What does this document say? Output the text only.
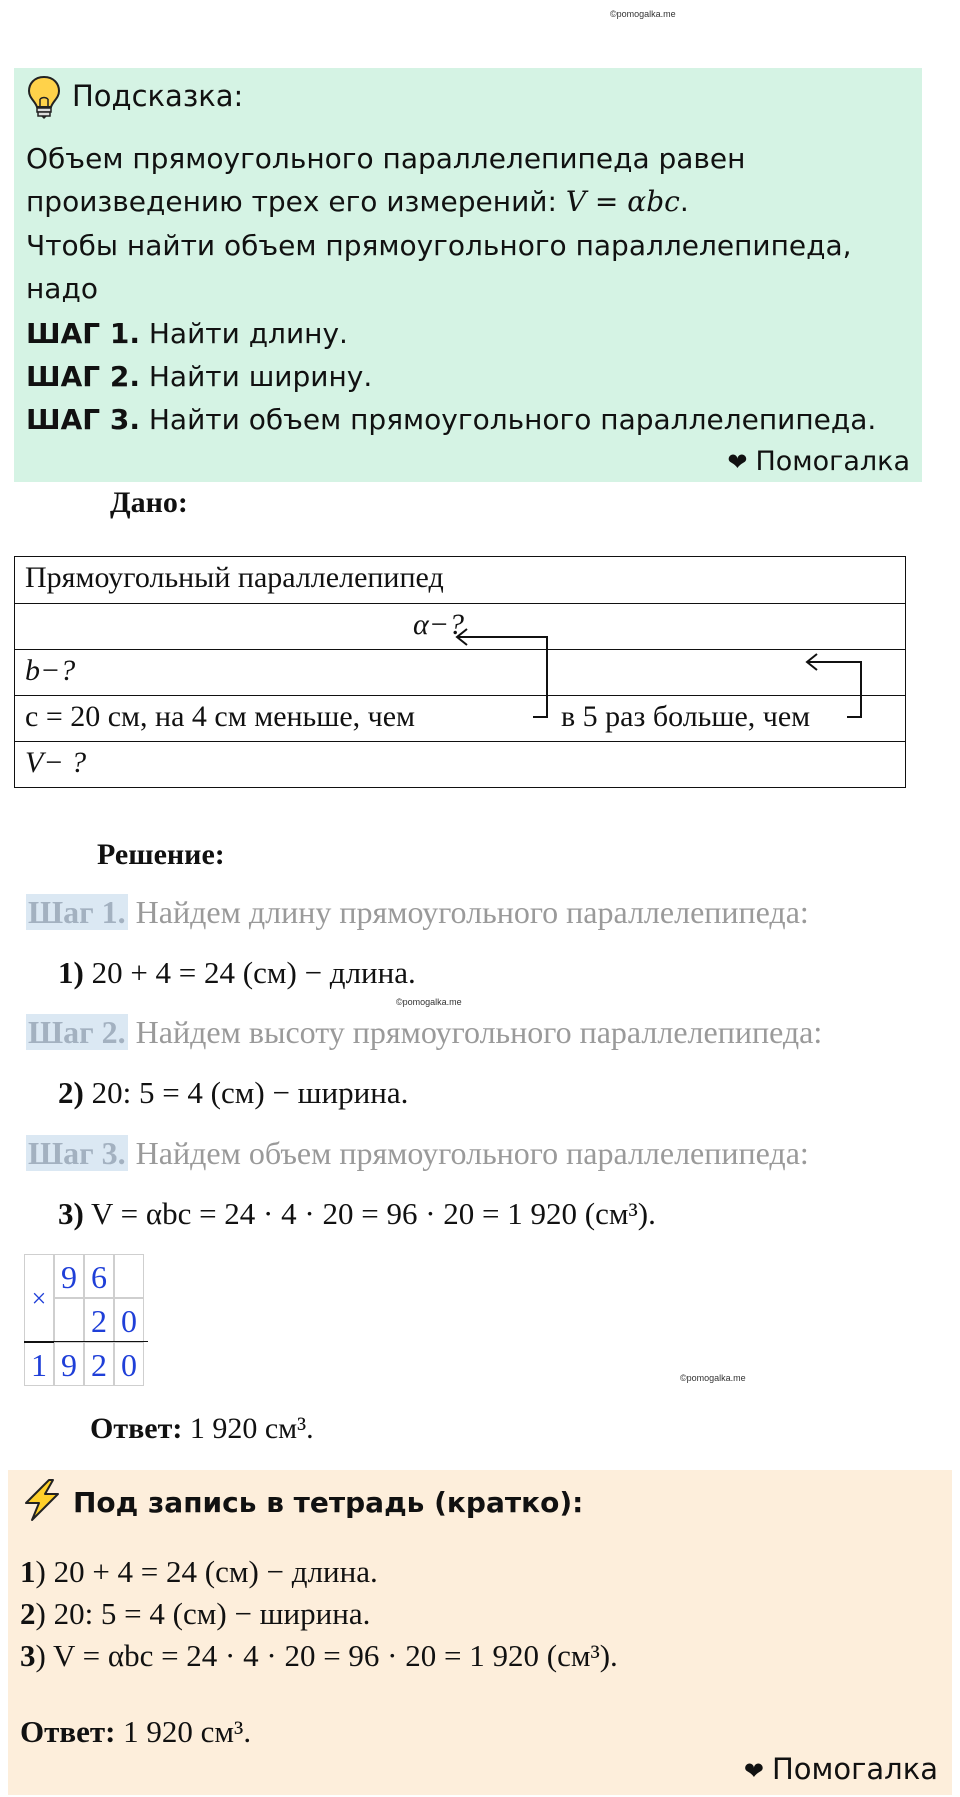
©pomogalka.me
©pomogalka.me
©pomogalka.me
Подсказка:
Объем прямоугольного параллелепипеда равен
произведению трех его измерений: V = αbc.
Чтобы найти объем прямоугольного параллелепипеда,
надо
ШАГ 1. Найти длину.
ШАГ 2. Найти ширину.
ШАГ 3. Найти объем прямоугольного параллелепипеда.
❤ Помогалка
Дано:
Прямоугольный параллелепипед
α−?
b−?
c = 20 см, на 4 см меньше, чем	в 5 раз больше, чем
V− ?
Решение:
Шаг 1. Найдем длину прямоугольного параллелепипеда:
1) 20 + 4 = 24 (см) − длина.
Шаг 2. Найдем высоту прямоугольного параллелепипеда:
2) 20: 5 = 4 (см) − ширина.
Шаг 3. Найдем объем прямоугольного параллелепипеда:
3) V = αbc = 24 · 4 · 20 = 96 · 20 = 1 920 (см³).
×
9 6
2 0
1 9 2 0
Ответ: 1 920 см³.
Под запись в тетрадь (кратко):
1) 20 + 4 = 24 (см) − длина.
2) 20: 5 = 4 (см) − ширина.
3) V = αbc = 24 · 4 · 20 = 96 · 20 = 1 920 (см³).
Ответ: 1 920 см³.
❤ Помогалка
